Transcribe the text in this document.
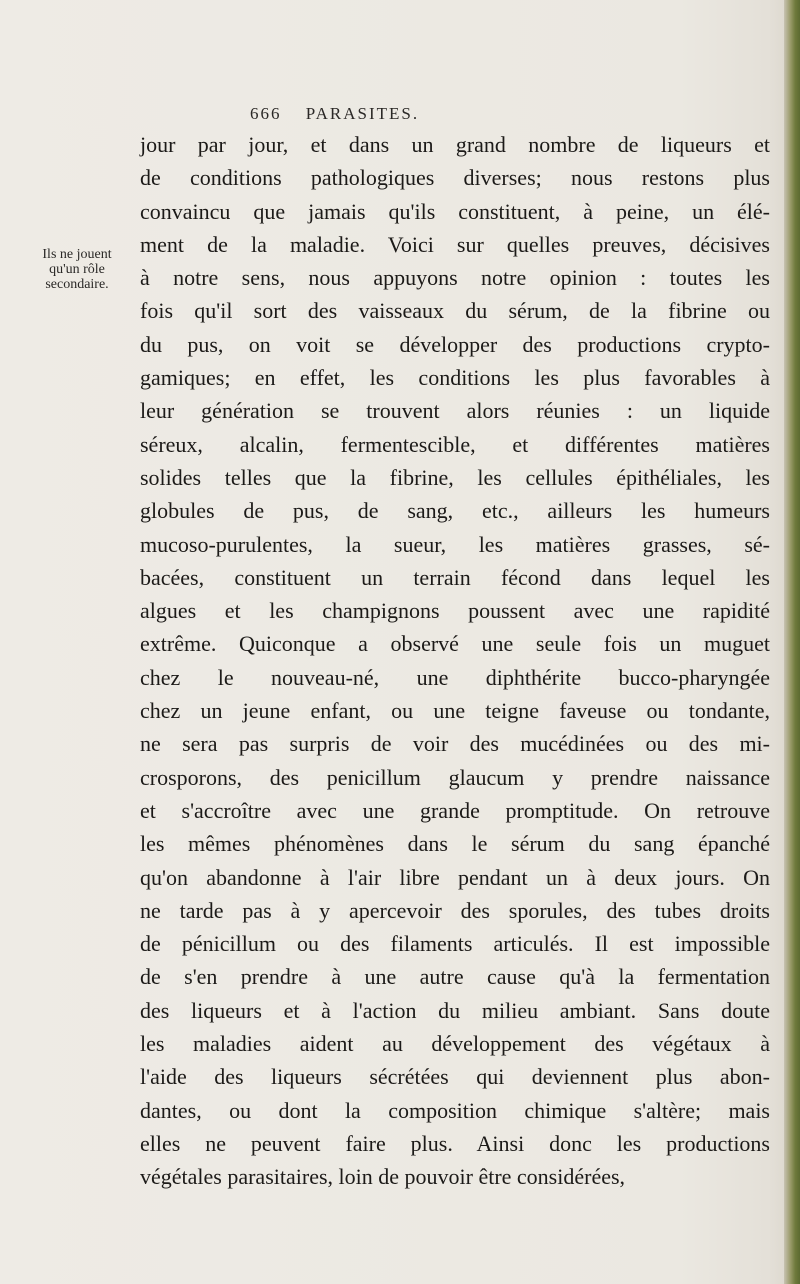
666 PARASITES.
Ils ne jouent
qu'un rôle
secondaire.
jour par jour, et dans un grand nombre de liqueurs et
de conditions pathologiques diverses; nous restons plus
convaincu que jamais qu'ils constituent, à peine, un élé-
ment de la maladie. Voici sur quelles preuves, décisives
à notre sens, nous appuyons notre opinion : toutes les
fois qu'il sort des vaisseaux du sérum, de la fibrine ou
du pus, on voit se développer des productions crypto-
gamiques; en effet, les conditions les plus favorables à
leur génération se trouvent alors réunies : un liquide
séreux, alcalin, fermentescible, et différentes matières
solides telles que la fibrine, les cellules épithéliales, les
globules de pus, de sang, etc., ailleurs les humeurs
mucoso-purulentes, la sueur, les matières grasses, sé-
bacées, constituent un terrain fécond dans lequel les
algues et les champignons poussent avec une rapidité
extrême. Quiconque a observé une seule fois un muguet
chez le nouveau-né, une diphthérite bucco-pharyngée
chez un jeune enfant, ou une teigne faveuse ou tondante,
ne sera pas surpris de voir des mucédinées ou des mi-
crosporons, des penicillum glaucum y prendre naissance
et s'accroître avec une grande promptitude. On retrouve
les mêmes phénomènes dans le sérum du sang épanché
qu'on abandonne à l'air libre pendant un à deux jours. On
ne tarde pas à y apercevoir des sporules, des tubes droits
de pénicillum ou des filaments articulés. Il est impossible
de s'en prendre à une autre cause qu'à la fermentation
des liqueurs et à l'action du milieu ambiant. Sans doute
les maladies aident au développement des végétaux à
l'aide des liqueurs sécrétées qui deviennent plus abon-
dantes, ou dont la composition chimique s'altère; mais
elles ne peuvent faire plus. Ainsi donc les productions
végétales parasitaires, loin de pouvoir être considérées,
